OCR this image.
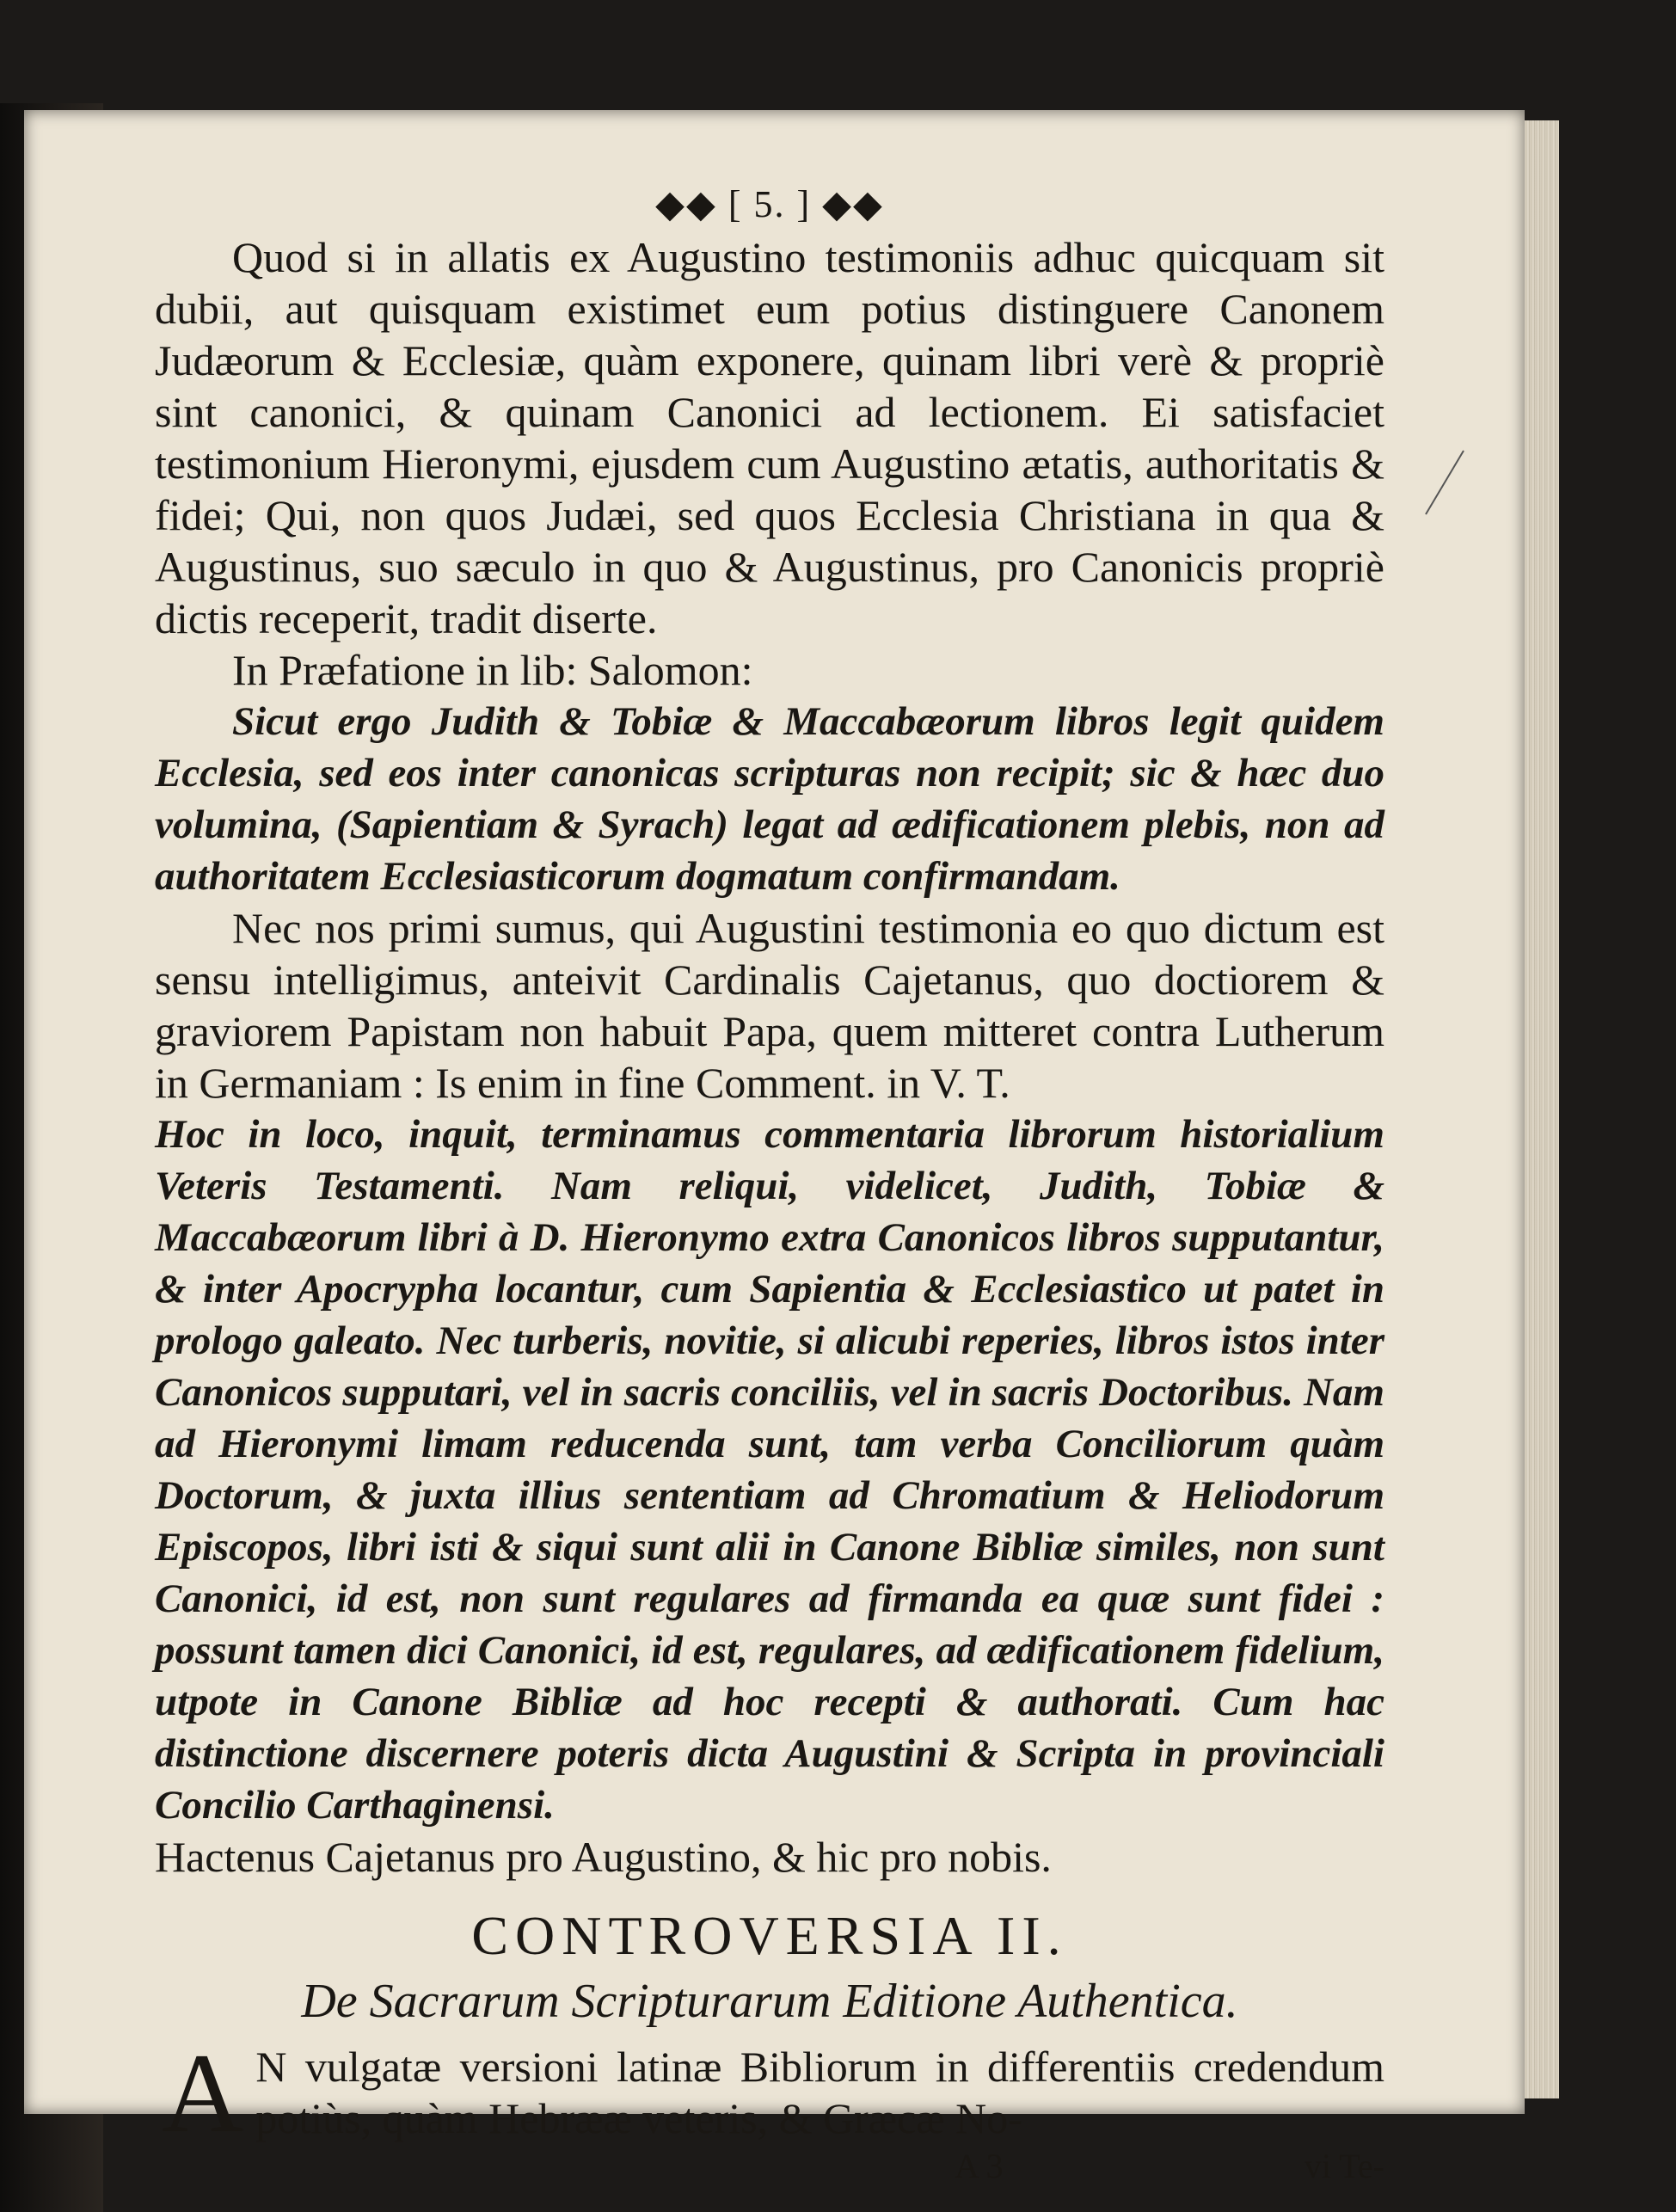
◆◆ [ 5. ] ◆◆

Quod si in allatis ex Augustino testimoniis adhuc quicquam sit dubii, aut quisquam existimet eum potius distinguere Canonem Judæorum & Ecclesiæ, quàm exponere, quinam libri verè & propriè sint canonici, & quinam Canonici ad lectionem. Ei satisfaciet testimonium Hieronymi, ejusdem cum Augustino ætatis, authoritatis & fidei; Qui, non quos Judæi, sed quos Ecclesia Christiana in qua & Augustinus, suo sæculo in quo & Augustinus, pro Canonicis propriè dictis receperit, tradit diserte.

In Præfatione in lib: Salomon:

Sicut ergo Judith & Tobiæ & Maccabæorum libros legit quidem Ecclesia, sed eos inter canonicas scripturas non recipit; sic & hæc duo volumina, (Sapientiam & Syrach) legat ad ædificationem plebis, non ad authoritatem Ecclesiasticorum dogmatum confirmandam.

Nec nos primi sumus, qui Augustini testimonia eo quo dictum est sensu intelligimus, anteivit Cardinalis Cajetanus, quo doctiorem & graviorem Papistam non habuit Papa, quem mitteret contra Lutherum in Germaniam : Is enim in fine Comment. in V. T.

Hoc in loco, inquit, terminamus commentaria librorum historialium Veteris Testamenti. Nam reliqui, videlicet, Judith, Tobiæ & Maccabæorum libri à D. Hieronymo extra Canonicos libros supputantur, & inter Apocrypha locantur, cum Sapientia & Ecclesiastico ut patet in prologo galeato. Nec turberis, novitie, si alicubi reperies, libros istos inter Canonicos supputari, vel in sacris conciliis, vel in sacris Doctoribus. Nam ad Hieronymi limam reducenda sunt, tam verba Conciliorum quàm Doctorum, & juxta illius sententiam ad Chromatium & Heliodorum Episcopos, libri isti & siqui sunt alii in Canone Bibliæ similes, non sunt Canonici, id est, non sunt regulares ad firmanda ea quæ sunt fidei : possunt tamen dici Canonici, id est, regulares, ad ædificationem fidelium, utpote in Canone Bibliæ ad hoc recepti & authorati. Cum hac distinctione discernere poteris dicta Augustini & Scripta in provinciali Concilio Carthaginensi.

Hactenus Cajetanus pro Augustino, & hic pro nobis.

CONTROVERSIA II.
De Sacrarum Scripturarum Editione Authentica.
A N vulgatæ versioni latinæ Bibliorum in differentiis credendum potiùs, quàm Hebrææ veteris, & Græcæ No-
A 3	vi Te-
